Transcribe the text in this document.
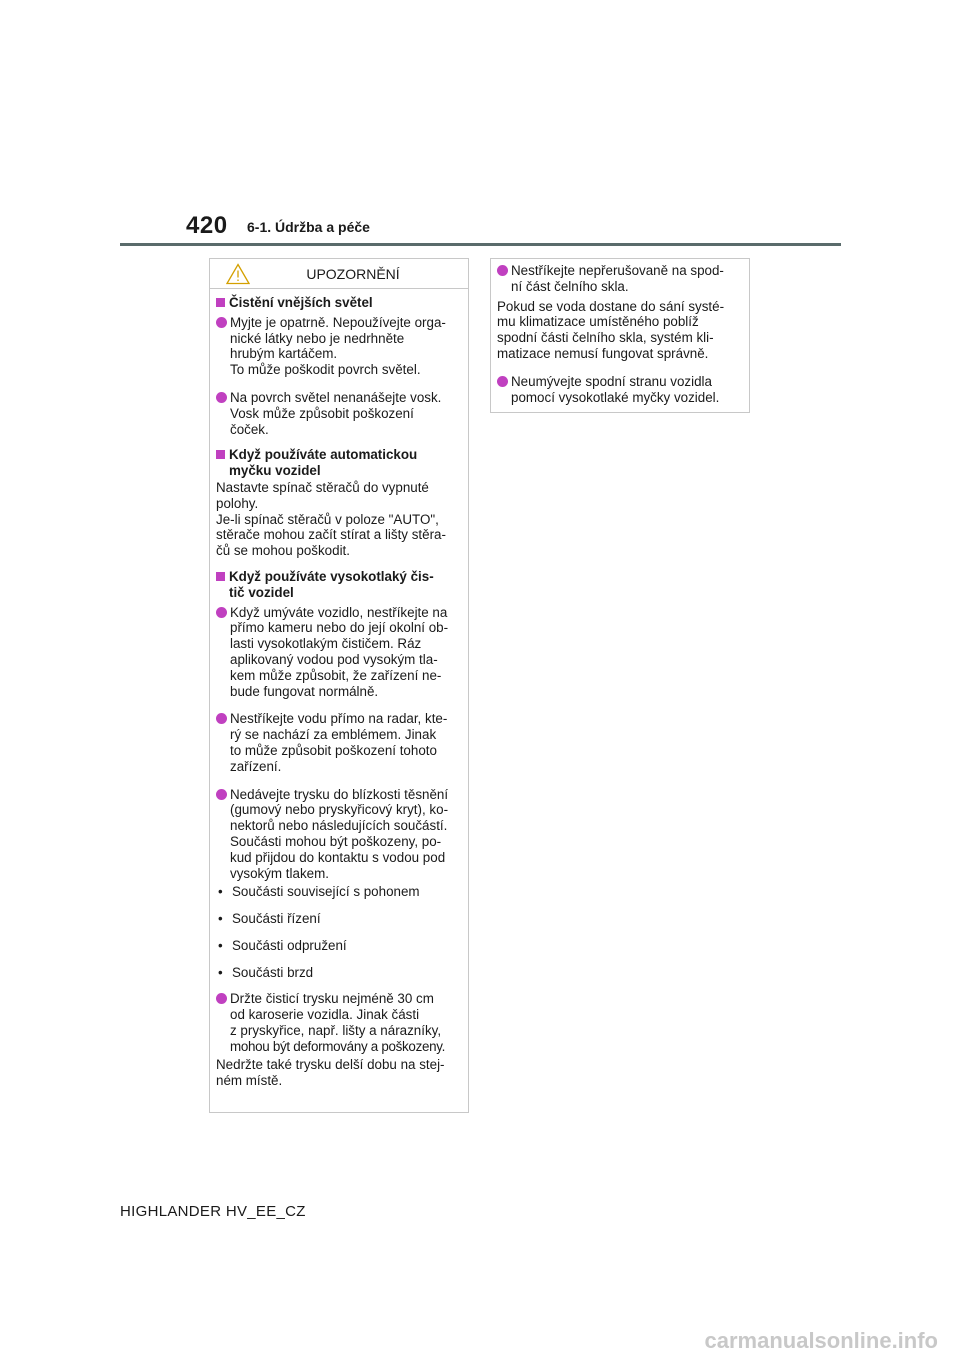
420 6-1. Údržba a péče
UPOZORNĚNÍ
Čistění vnějších světel
Myjte je opatrně. Nepoužívejte orga-
nické látky nebo je nedrhněte
hrubým kartáčem.
To může poškodit povrch světel.
Na povrch světel nenanášejte vosk.
Vosk může způsobit poškození
čoček.
Když používáte automatickou
myčku vozidel
Nastavte spínač stěračů do vypnuté
polohy.
Je-li spínač stěračů v poloze "AUTO",
stěrače mohou začít stírat a lišty stěra-
čů se mohou poškodit.
Když používáte vysokotlaký čis-
tič vozidel
Když umýváte vozidlo, nestříkejte na
přímo kameru nebo do její okolní ob-
lasti vysokotlakým čističem. Ráz
aplikovaný vodou pod vysokým tla-
kem může způsobit, že zařízení ne-
bude fungovat normálně.
Nestříkejte vodu přímo na radar, kte-
rý se nachází za emblémem. Jinak
to může způsobit poškození tohoto
zařízení.
Nedávejte trysku do blízkosti těsnění
(gumový nebo pryskyřicový kryt), ko-
nektorů nebo následujících součástí.
Součásti mohou být poškozeny, po-
kud přijdou do kontaktu s vodou pod
vysokým tlakem.
• Součásti související s pohonem
• Součásti řízení
• Součásti odpružení
• Součásti brzd
Držte čisticí trysku nejméně 30 cm
od karoserie vozidla. Jinak části
z pryskyřice, např. lišty a nárazníky,
mohou být deformovány a poškozeny.
Nedržte také trysku delší dobu na stej-
ném místě.
Nestříkejte nepřerušovaně na spod-
ní část čelního skla.
Pokud se voda dostane do sání systé-
mu klimatizace umístěného poblíž
spodní části čelního skla, systém kli-
matizace nemusí fungovat správně.
Neumývejte spodní stranu vozidla
pomocí vysokotlaké myčky vozidel.
HIGHLANDER HV_EE_CZ
carmanualsonline.info
